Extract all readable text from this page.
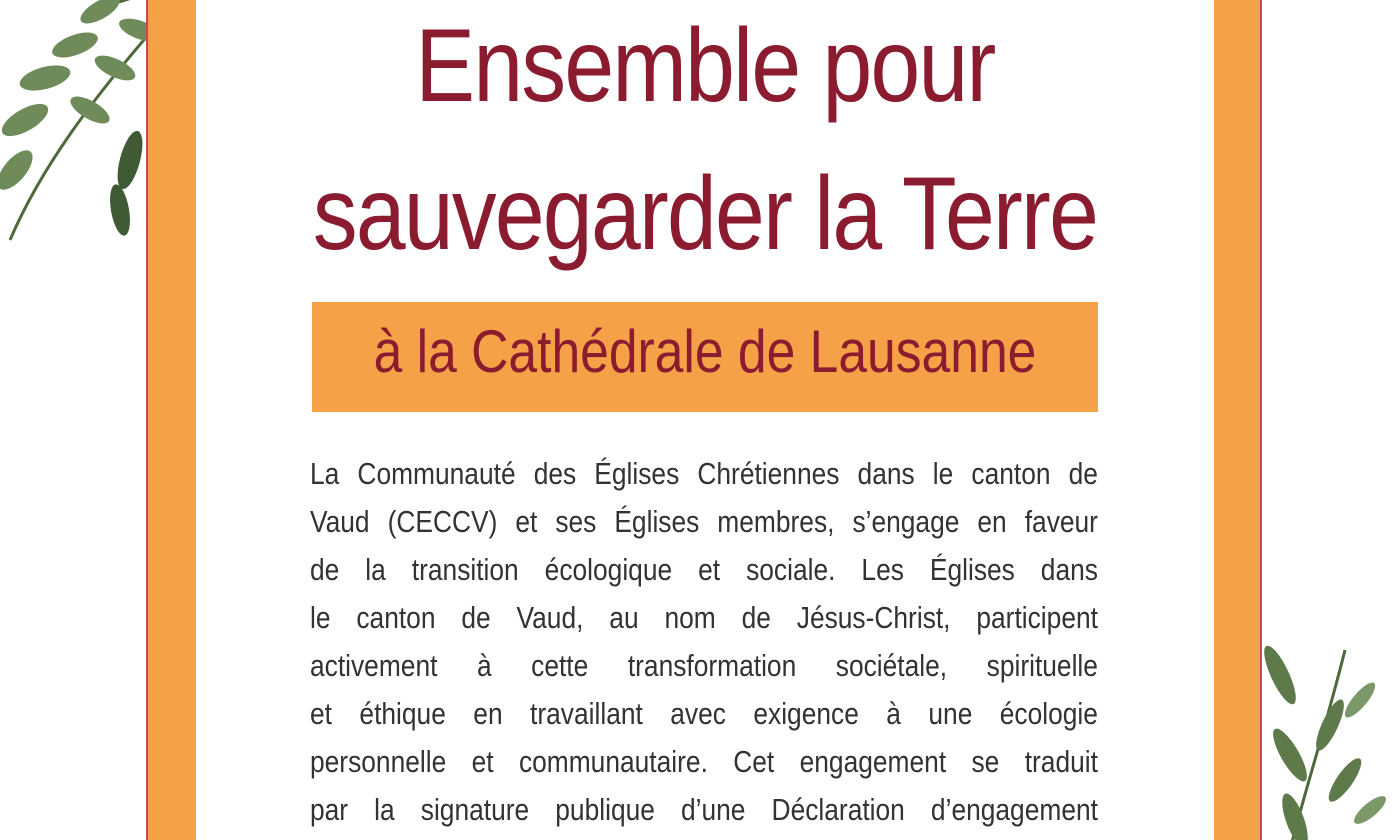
Ensemble pour
sauvegarder la Terre
à la Cathédrale de Lausanne
La Communauté des Églises Chrétiennes dans le canton de
Vaud (CECCV) et ses Églises membres, s’engage en faveur
de la transition écologique et sociale. Les Églises dans
le canton de Vaud, au nom de Jésus-Christ, participent
activement à cette transformation sociétale, spirituelle
et éthique en travaillant avec exigence à une écologie
personnelle et communautaire. Cet engagement se traduit
par la signature publique d’une Déclaration d’engagement
